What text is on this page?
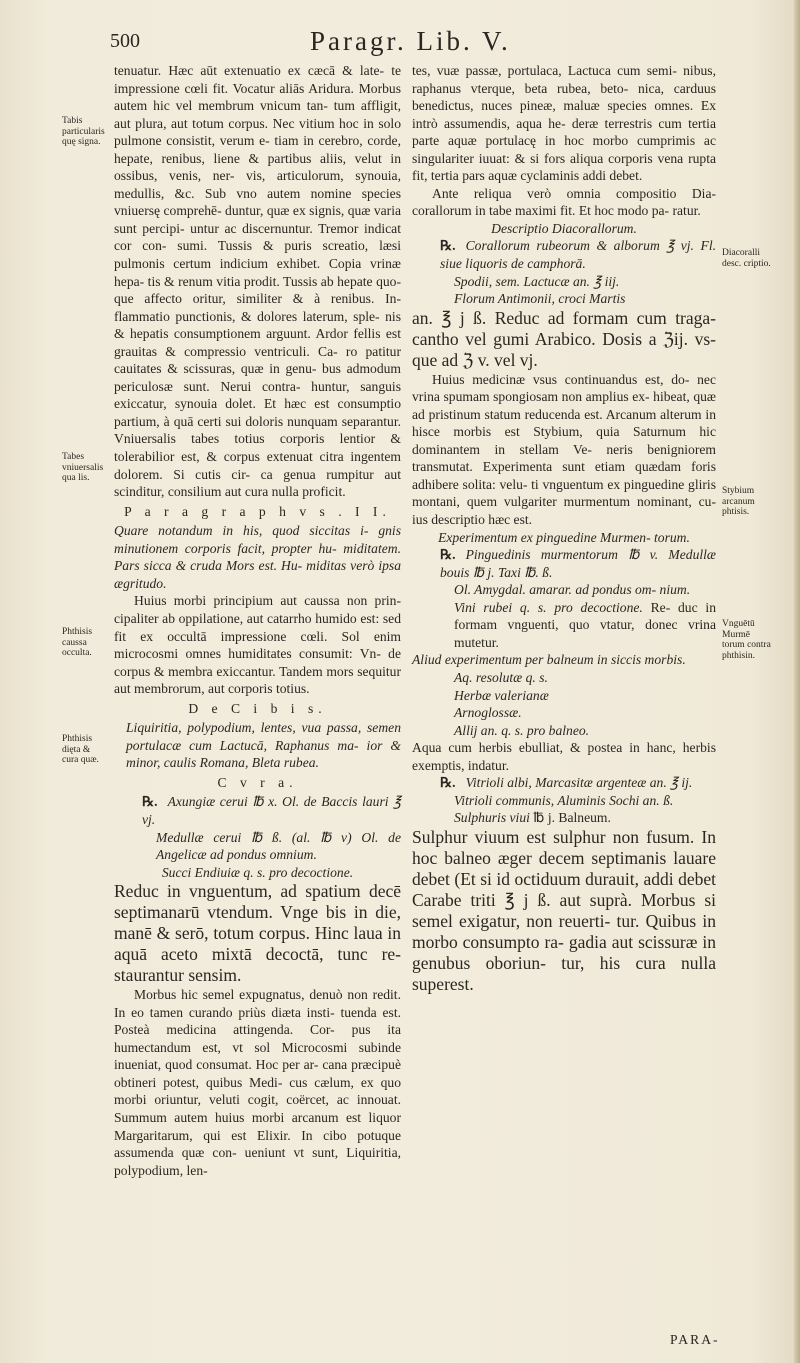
500	Paragr. Lib. V.
Tabis particularis quę signa.
Tabes vniuersalis qua lis.
Phthisis caussa occulta.
Phthisis dięta & cura quæ.
Diacoralli desc. criptio.
Stybium arcanum phtisis.
Vnguētū Murmē torum contra phthisin.

tenuatur. Hæc aūt extenuatio ex cæcā & late- te impressione cœli fit. Vocatur aliās Aridura. Morbus autem hic vel membrum vnicum tan- tum affligit, aut plura, aut totum corpus. Nec vitium hoc in solo pulmone consistit, verum e- tiam in cerebro, corde, hepate, renibus, liene & partibus aliis, velut in ossibus, venis, ner- vis, articulorum, synouia, medullis, &c. Sub vno autem nomine species vniuersę comprehē- duntur, quæ ex signis, quæ varia sunt percipi- untur ac discernuntur. Tremor indicat cor con- sumi. Tussis & puris screatio, læsi pulmonis certum indicium exhibet. Copia vrinæ hepa- tis & renum vitia prodit. Tussis ab hepate quo- que affecto oritur, similiter & à renibus. In- flammatio punctionis, & dolores laterum, sple- nis & hepatis consumptionem arguunt. Ardor fellis est grauitas & compressio ventriculi. Ca- ro patitur cauitates & scissuras, quæ in genu- bus admodum periculosæ sunt. Nerui contra- huntur, sanguis exiccatur, synouia dolet. Et hæc est consumptio partium, à quā certi sui doloris nunquam separantur. Vniuersalis tabes totius corporis lentior & tolerabilior est, & corpus extenuat citra ingentem dolorem. Si cutis cir- ca genua rumpitur aut scinditur, consilium aut cura nulla proficit.

P a r a g r a p h v s . I I.

Quare notandum in his, quod siccitas i- gnis minutionem corporis facit, propter hu- miditatem. Pars sicca & cruda Mors est. Hu- miditas verò ipsa ægritudo.

Huius morbi principium aut caussa non prin- cipaliter ab oppilatione, aut catarrho humido est: sed fit ex occultā impressione cœli. Sol enim microcosmi omnes humiditates consumit: Vn- de corpus & membra exiccantur. Tandem mors sequitur aut membrorum, aut corporis totius.

D e C i b i s.

Liquiritia, polypodium, lentes, vua passa, semen portulacæ cum Lactucā, Raphanus ma- ior & minor, caulis Romana, Bleta rubea.

C v r a.

℞. Axungiæ cerui ℔ x. Ol. de Baccis lauri ℥ vj.

Medullæ cerui ℔ ß. (al. ℔ v) Ol. de Angelicæ ad pondus omnium.

Succi Endiuiæ q. s. pro decoctione.

Reduc in vnguentum, ad spatium decē septimanarū vtendum. Vnge bis in die, manē & serō, totum corpus. Hinc laua in aquā aceto mixtā decoctā, tunc re- staurantur sensim.

Morbus hic semel expugnatus, denuò non redit. In eo tamen curando priùs diæta insti- tuenda est. Posteà medicina attingenda. Cor- pus ita humectandum est, vt sol Microcosmi subinde inueniat, quod consumat. Hoc per ar- cana præcipuè obtineri potest, quibus Medi- cus cælum, ex quo morbi oriuntur, veluti cogit, coërcet, ac innouat. Summum autem huius morbi arcanum est liquor Margaritarum, qui est Elixir. In cibo potuque assumenda quæ con- ueniunt vt sunt, Liquiritia, polypodium, len-

tes, vuæ passæ, portulaca, Lactuca cum semi- nibus, raphanus vterque, beta rubea, beto- nica, carduus benedictus, nuces pineæ, maluæ species omnes. Ex intrò assumendis, aqua he- deræ terrestris cum tertia parte aquæ portulacę in hoc morbo cumprimis ac singulariter iuuat: & si fors aliqua corporis vena rupta fit, tertia pars aquæ cyclaminis addi debet.

Ante reliqua verò omnia compositio Dia- corallorum in tabe maximi fit. Et hoc modo pa- ratur.

Descriptio Diacorallorum.

℞. Corallorum rubeorum & alborum ℥ vj. Fl. siue liquoris de camphorā.

Spodii, sem. Lactucæ an. ℥ iij.

Florum Antimonii, croci Martis

an. ℥ j ß. Reduc ad formam cum traga- cantho vel gumi Arabico. Dosis a ℨij. vs- que ad ℨ v. vel vj.

Huius medicinæ vsus continuandus est, do- nec vrina spumam spongiosam non amplius ex- hibeat, quæ ad pristinum statum reducenda est. Arcanum alterum in hisce morbis est Stybium, quia Saturnum hic dominantem in stellam Ve- neris benigniorem transmutat. Experimenta sunt etiam quædam foris adhibere solita: velu- ti vnguentum ex pinguedine gliris montani, quem vulgariter murmentum nominant, cu- ius descriptio hæc est.

Experimentum ex pinguedine Murmen- torum.

℞. Pinguedinis murmentorum ℔ v. Medullæ bouis ℔ j. Taxi ℔. ß.

Ol. Amygdal. amarar. ad pondus om- nium.

Vini rubei q. s. pro decoctione. Re- duc in formam vnguenti, quo vtatur, donec vrina mutetur.

Aliud experimentum per balneum in siccis morbis.

Aq. resolutæ q. s.

Herbæ valerianæ

Arnoglossæ.

Allij an. q. s. pro balneo.

Aqua cum herbis ebulliat, & postea in hanc, herbis exemptis, indatur.

℞. Vitrioli albi, Marcasitæ argenteæ an. ℥ ij.

Vitrioli communis, Aluminis Sochi an. ß.

Sulphuris viui ℔ j. Balneum.

Sulphur viuum est sulphur non fusum. In hoc balneo æger decem septimanis lauare debet (Et si id octiduum durauit, addi debet Carabe triti ℥ j ß. aut suprà. Morbus si semel exigatur, non reuerti- tur. Quibus in morbo consumpto ra- gadia aut scissuræ in genubus oboriun- tur, his cura nulla superest.

PARA-
